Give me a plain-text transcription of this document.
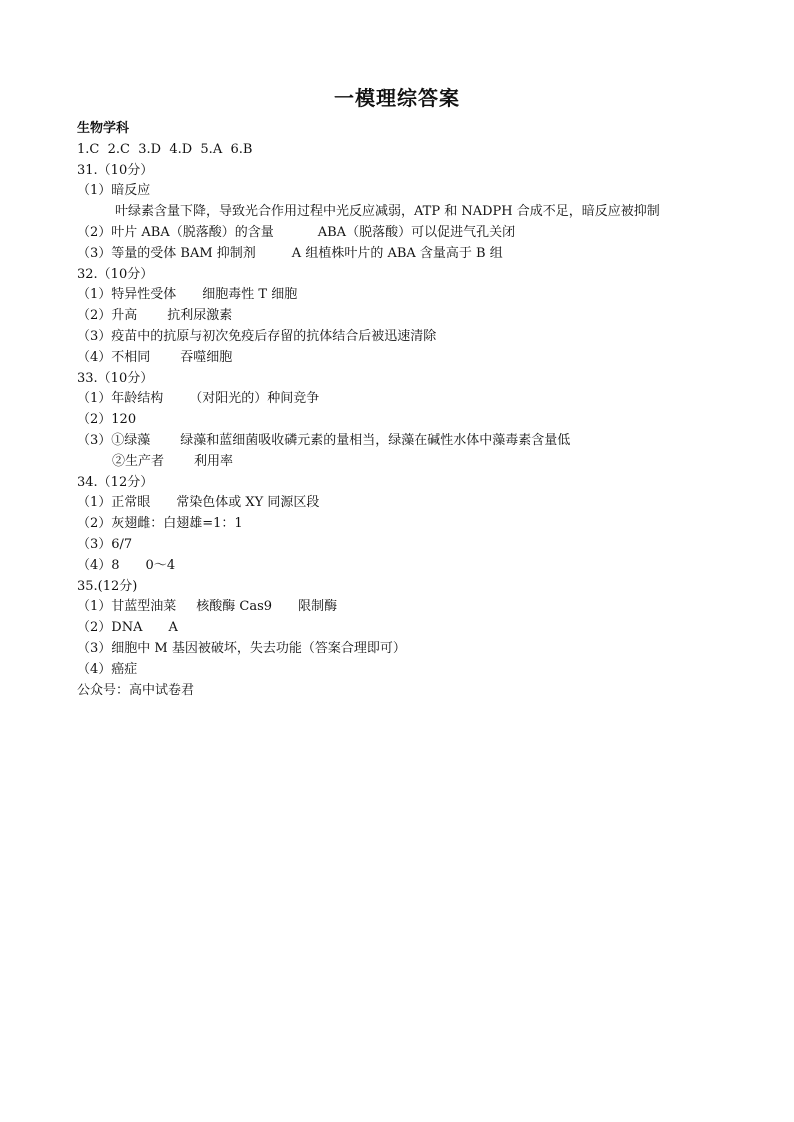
一模理综答案
生物学科
1.C  2.C  3.D  4.D  5.A  6.B
31.（10分）
（1）暗反应
叶绿素含量下降，导致光合作用过程中光反应减弱，ATP 和 NADPH 合成不足，暗反应被抑制
（2）叶片 ABA（脱落酸）的含量	ABA（脱落酸）可以促进气孔关闭
（3）等量的受体 BAM 抑制剂	A 组植株叶片的 ABA 含量高于 B 组
32.（10分）
（1）特异性受体 细胞毒性 T 细胞
（2）升高 抗利尿激素
（3）疫苗中的抗原与初次免疫后存留的抗体结合后被迅速清除
（4）不相同 吞噬细胞
33.（10分）
（1）年龄结构 （对阳光的）种间竞争
（2）120
（3）①绿藻 绿藻和蓝细菌吸收磷元素的量相当，绿藻在碱性水体中藻毒素含量低
②生产者 利用率
34.（12分）
（1）正常眼 常染色体或 XY 同源区段
（2）灰翅雌：白翅雄=1：1
（3）6/7
（4）8 0～4
35.(12分)
（1）甘蓝型油菜 核酸酶 Cas9 限制酶
（2）DNA A
（3）细胞中 M 基因被破坏，失去功能（答案合理即可）
（4）癌症
公众号：高中试卷君
